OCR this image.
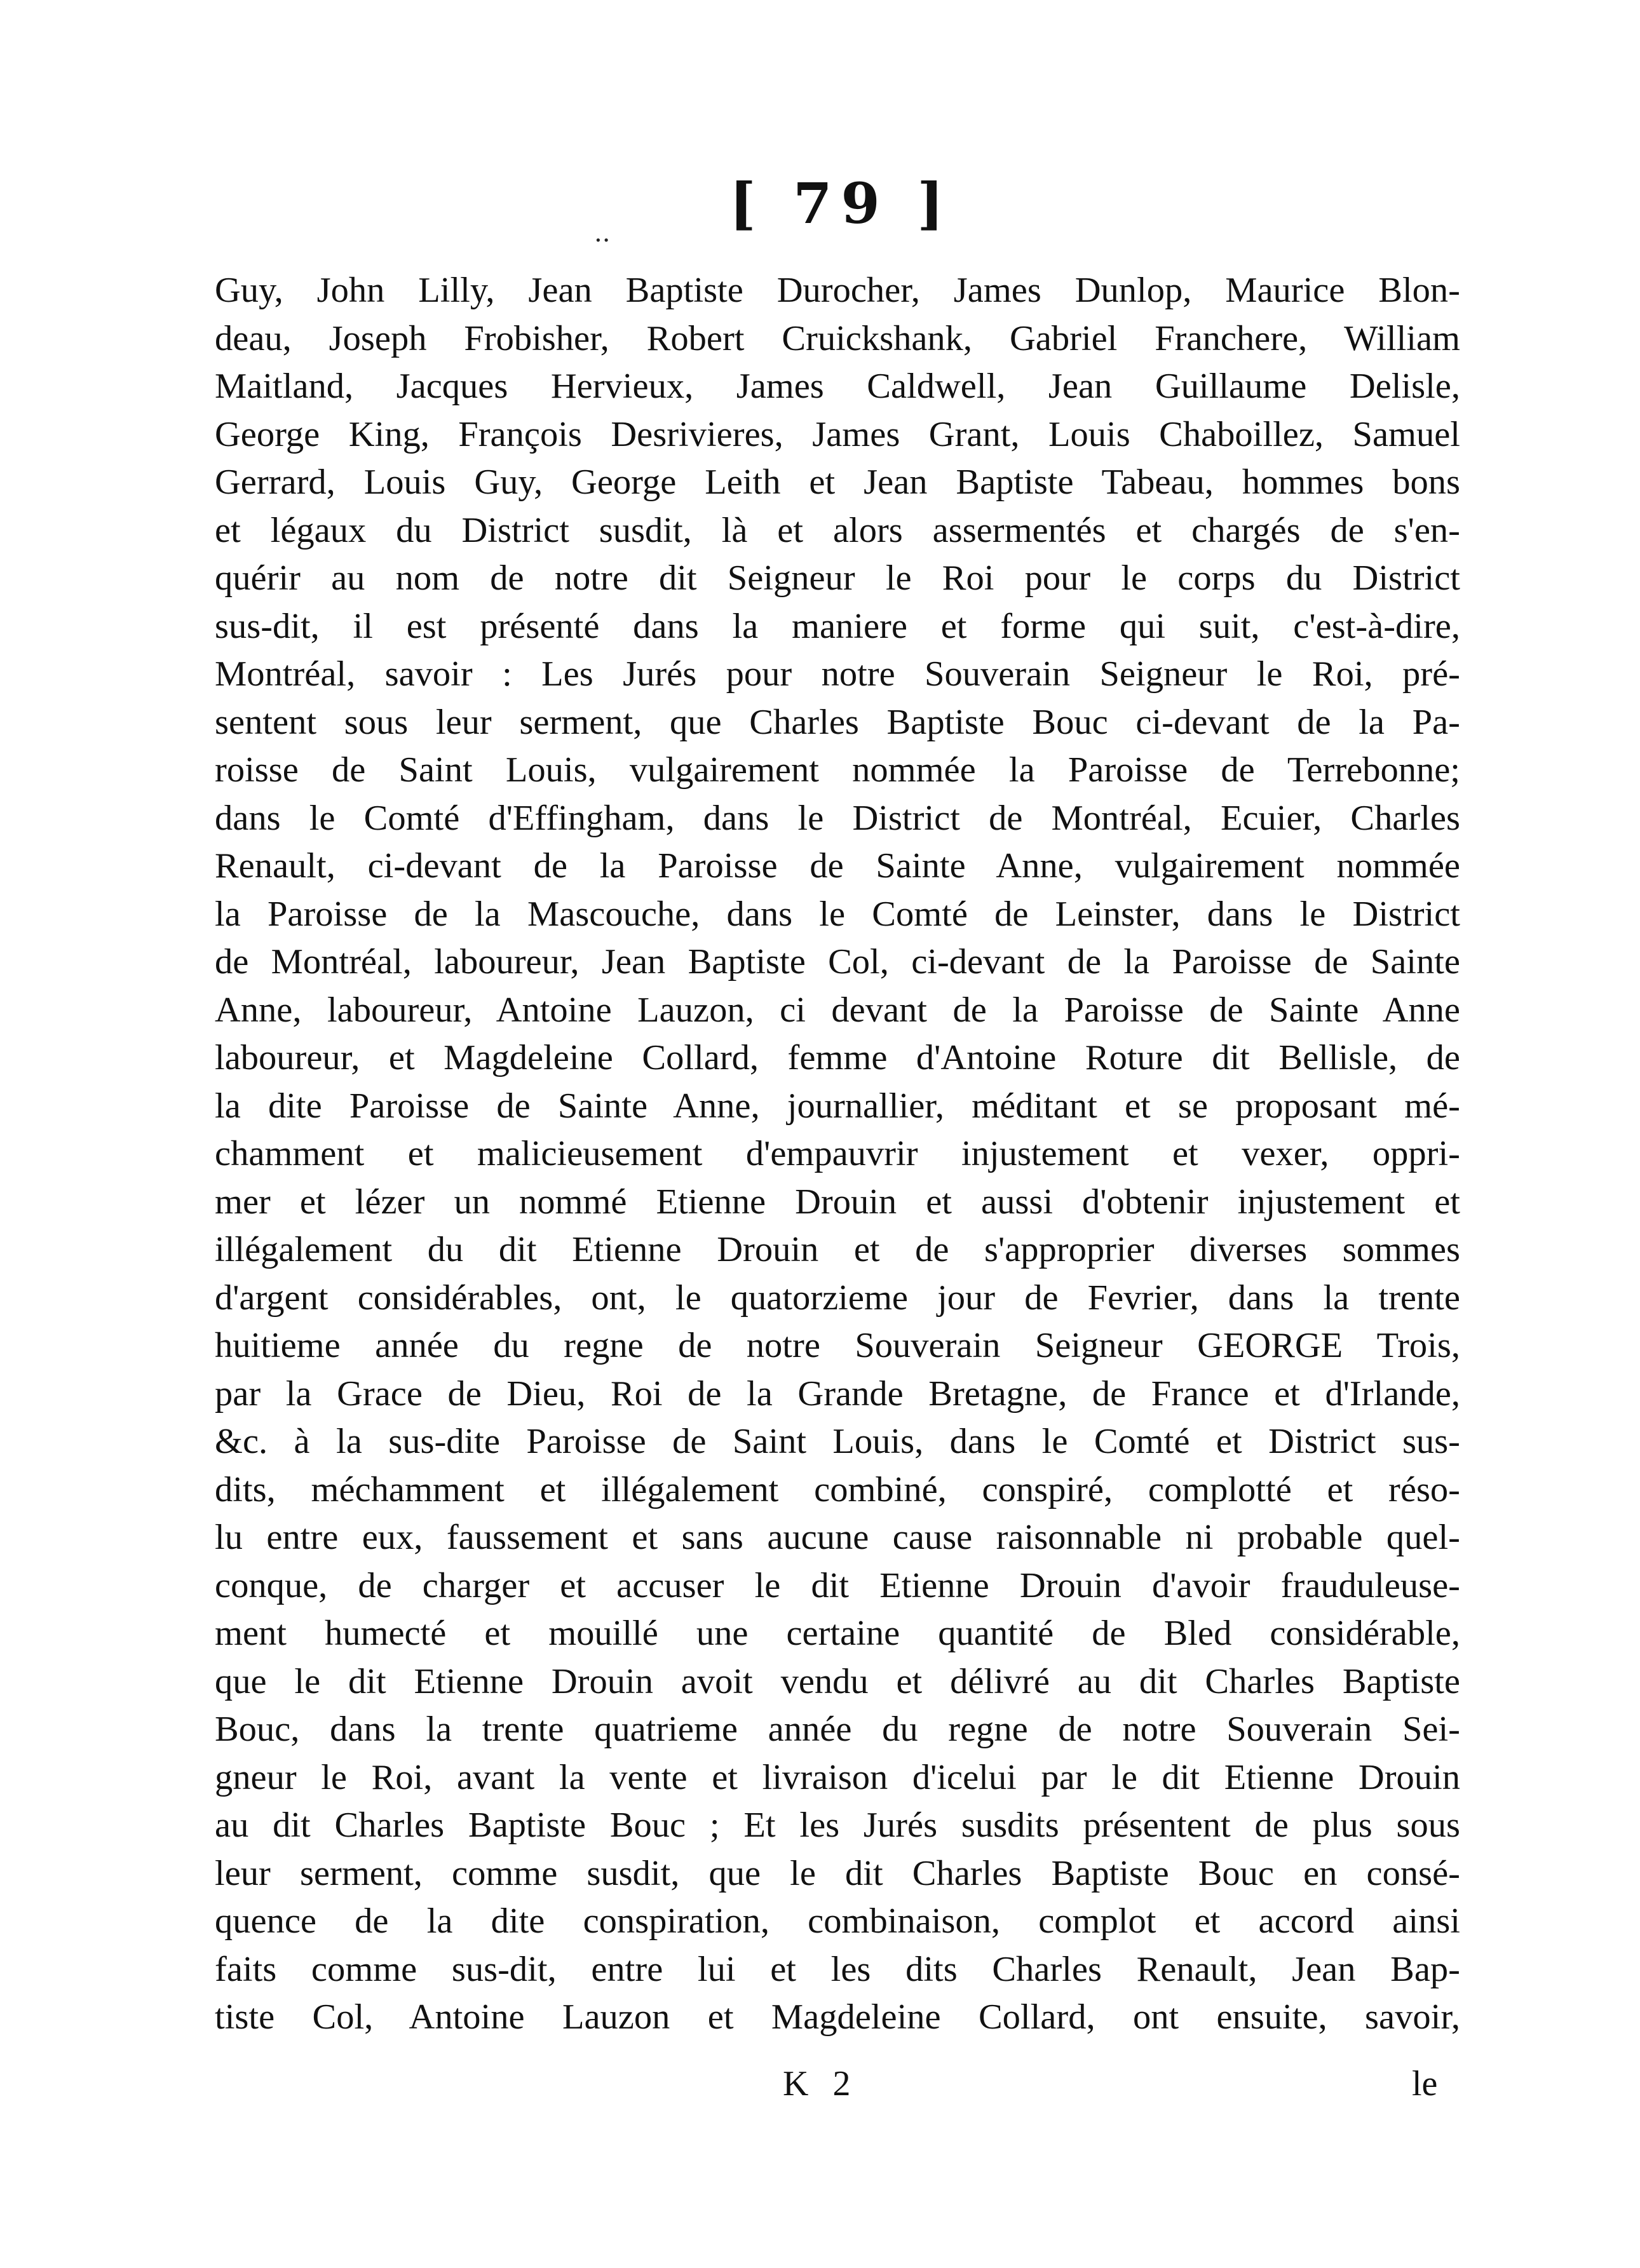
.. [ 79 ]
Guy, John Lilly, Jean Baptiste Durocher, James Dunlop, Maurice Blon-
deau, Joseph Frobisher, Robert Cruickshank, Gabriel Franchere, William
Maitland, Jacques Hervieux, James Caldwell, Jean Guillaume Delisle,
George King, François Desrivieres, James Grant, Louis Chaboillez, Samuel
Gerrard, Louis Guy, George Leith et Jean Baptiste Tabeau, hommes bons
et légaux du District susdit, là et alors assermentés et chargés de s'en-
quérir au nom de notre dit Seigneur le Roi pour le corps du District
sus-dit, il est présenté dans la maniere et forme qui suit, c'est-à-dire,
Montréal, savoir : Les Jurés pour notre Souverain Seigneur le Roi, pré-
sentent sous leur serment, que Charles Baptiste Bouc ci-devant de la Pa-
roisse de Saint Louis, vulgairement nommée la Paroisse de Terrebonne;
dans le Comté d'Effingham, dans le District de Montréal, Ecuier, Charles
Renault, ci-devant de la Paroisse de Sainte Anne, vulgairement nommée
la Paroisse de la Mascouche, dans le Comté de Leinster, dans le District
de Montréal, laboureur, Jean Baptiste Col, ci-devant de la Paroisse de Sainte
Anne, laboureur, Antoine Lauzon, ci devant de la Paroisse de Sainte Anne
laboureur, et Magdeleine Collard, femme d'Antoine Roture dit Bellisle, de
la dite Paroisse de Sainte Anne, journallier, méditant et se proposant mé-
chamment et malicieusement d'empauvrir injustement et vexer, oppri-
mer et lézer un nommé Etienne Drouin et aussi d'obtenir injustement et
illégalement du dit Etienne Drouin et de s'approprier diverses sommes
d'argent considérables, ont, le quatorzieme jour de Fevrier, dans la trente
huitieme année du regne de notre Souverain Seigneur GEORGE Trois,
par la Grace de Dieu, Roi de la Grande Bretagne, de France et d'Irlande,
&c. à la sus-dite Paroisse de Saint Louis, dans le Comté et District sus-
dits, méchamment et illégalement combiné, conspiré, complotté et réso-
lu entre eux, faussement et sans aucune cause raisonnable ni probable quel-
conque, de charger et accuser le dit Etienne Drouin d'avoir frauduleuse-
ment humecté et mouillé une certaine quantité de Bled considérable,
que le dit Etienne Drouin avoit vendu et délivré au dit Charles Baptiste
Bouc, dans la trente quatrieme année du regne de notre Souverain Sei-
gneur le Roi, avant la vente et livraison d'icelui par le dit Etienne Drouin
au dit Charles Baptiste Bouc ; Et les Jurés susdits présentent de plus sous
leur serment, comme susdit, que le dit Charles Baptiste Bouc en consé-
quence de la dite conspiration, combinaison, complot et accord ainsi
faits comme sus-dit, entre lui et les dits Charles Renault, Jean Bap-
tiste Col, Antoine Lauzon et Magdeleine Collard, ont ensuite, savoir,
K 2	le
